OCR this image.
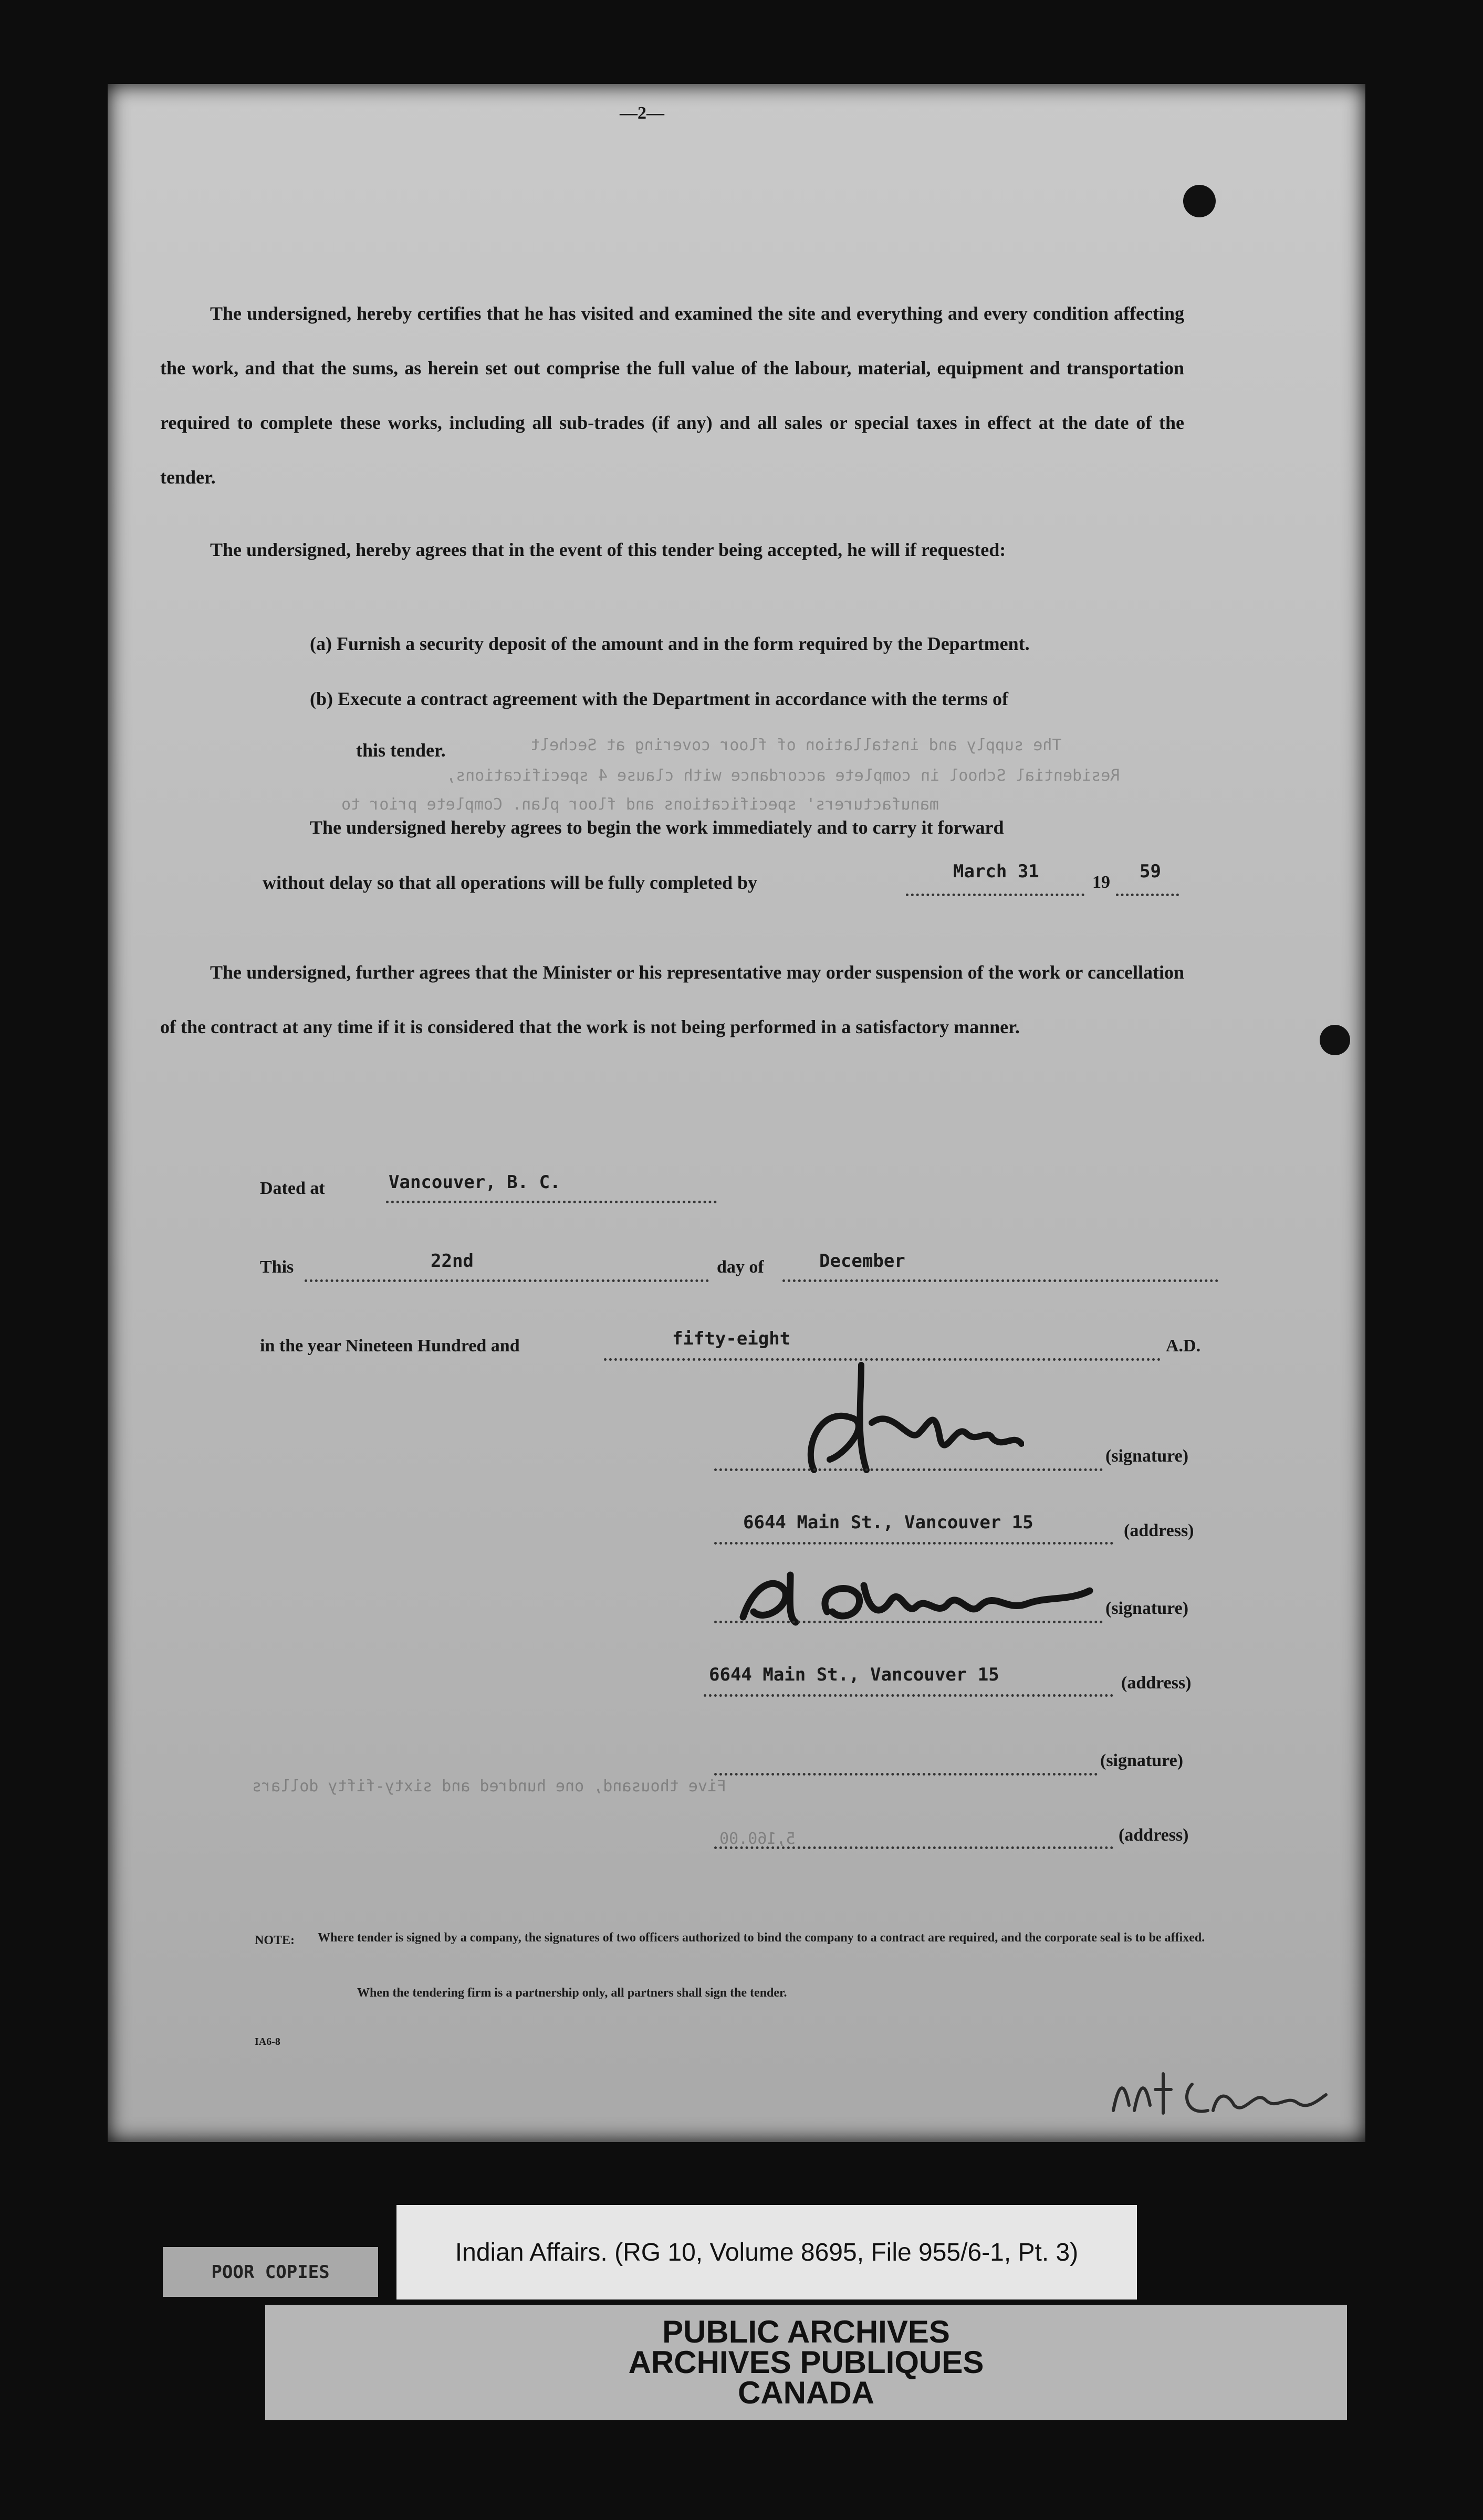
—2—
The undersigned, hereby certifies that he has visited and examined the site and everything and every condition affecting the work, and that the sums, as herein set out comprise the full value of the labour, material, equipment and transportation required to complete these works, including all sub-trades (if any) and all sales or special taxes in effect at the date of the tender.
The undersigned, hereby agrees that in the event of this tender being accepted, he will if requested:
(a) Furnish a security deposit of the amount and in the form required by the Department.
(b) Execute a contract agreement with the Department in accordance with the terms of
this tender.	The supply and installation of floor covering at Sechelt
Residential School in complete accordance with clause 4 specifications,
manufacturers' specifications and floor plan. Complete prior to
Five thousand, one hundred and sixty-fifty dollars
5,160.00
The undersigned hereby agrees to begin the work immediately and to carry it forward
without delay so that all operations will be fully completed by
March 31
19
59
The undersigned, further agrees that the Minister or his representative may order suspension of the work or cancellation of the contract at any time if it is considered that the work is not being performed in a satisfactory manner.
Dated at	Vancouver, B. C.
This	22nd	day of	December
in the year Nineteen Hundred and	fifty-eight	A.D.
(signature)
6644 Main St., Vancouver 15	(address)
(signature)
6644 Main St., Vancouver 15	(address)
(signature)
(address)
NOTE: Where tender is signed by a company, the signatures of two officers authorized to bind the company to a contract are required, and the corporate seal is to be affixed.
When the tendering firm is a partnership only, all partners shall sign the tender.
IA6-8
POOR COPIES
Indian Affairs. (RG 10, Volume 8695, File 955/6-1, Pt. 3)
PUBLIC ARCHIVES
ARCHIVES PUBLIQUES
CANADA
